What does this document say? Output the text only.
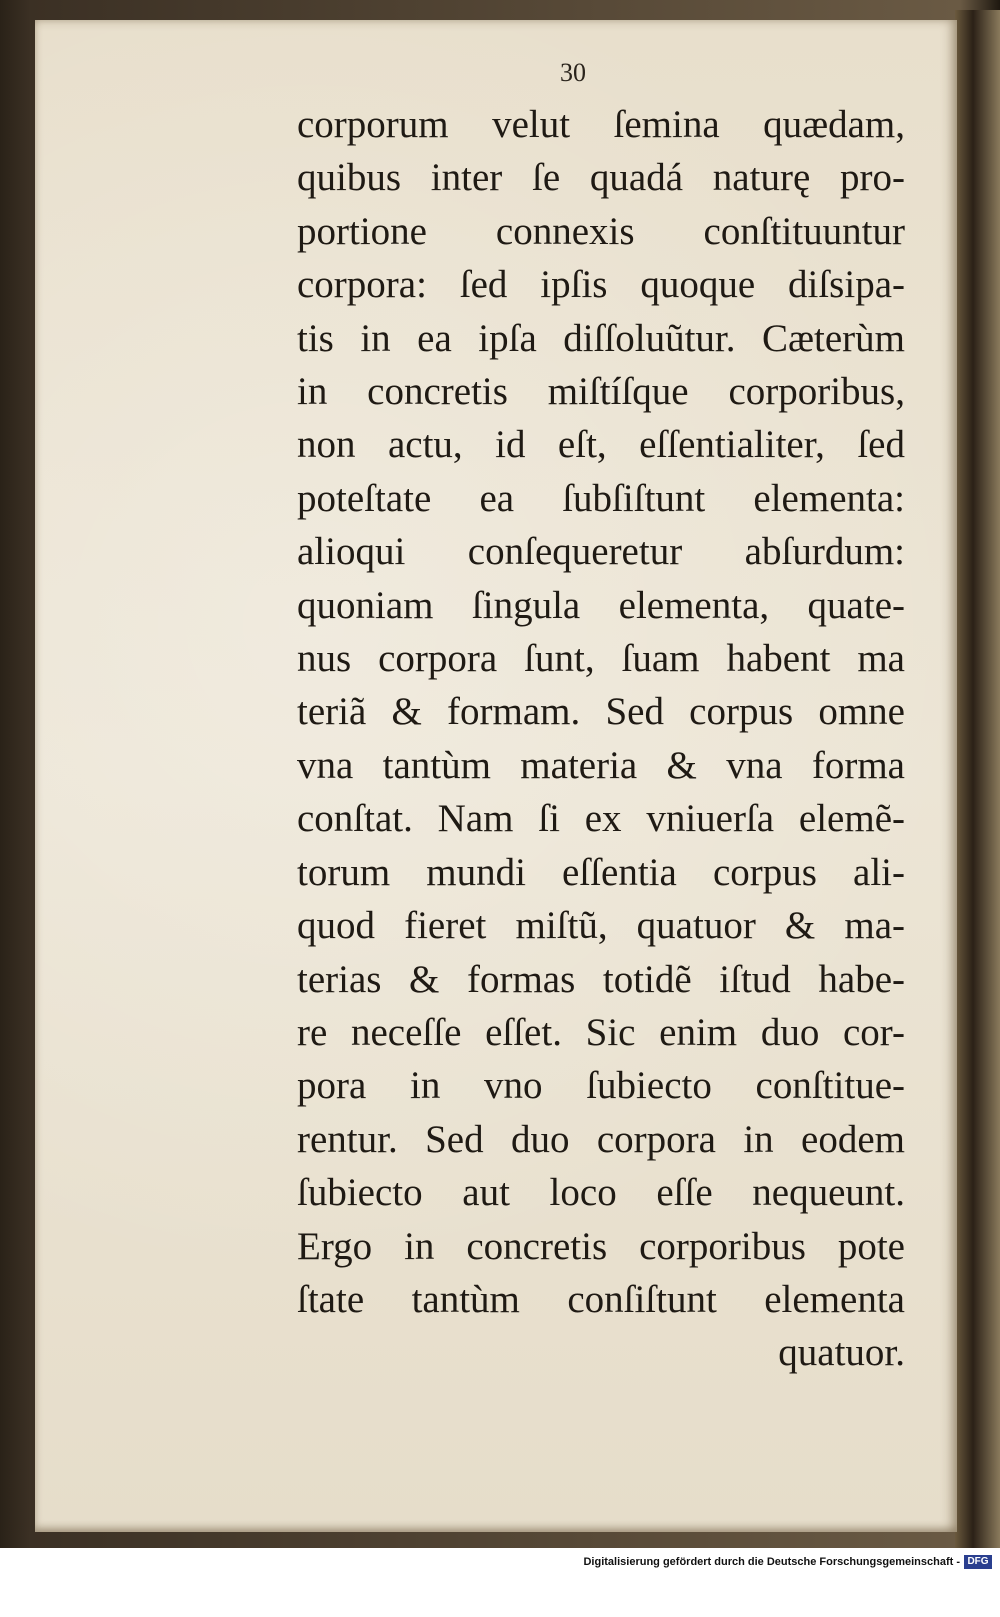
30
corporum velut ſemina quædam,
quibus inter ſe quadá naturę pro-
portione connexis conſtituuntur
corpora: ſed ipſis quoque diſsipa-
tis in ea ipſa diſſoluũtur. Cæterùm
in concretis miſtíſque corporibus,
non actu, id eſt, eſſentialiter, ſed
poteſtate ea ſubſiſtunt elementa:
alioqui conſequeretur abſurdum:
quoniam ſingula elementa, quate-
nus corpora ſunt, ſuam habent ma
teriã & formam. Sed corpus omne
vna tantùm materia & vna forma
conſtat. Nam ſi ex vniuerſa elemẽ-
torum mundi eſſentia corpus ali-
quod fieret miſtũ, quatuor & ma-
terias & formas totidẽ iſtud habe-
re neceſſe eſſet. Sic enim duo cor-
pora in vno ſubiecto conſtitue-
rentur. Sed duo corpora in eodem
ſubiecto aut loco eſſe nequeunt.
Ergo in concretis corporibus pote
ſtate tantùm conſiſtunt elementa
quatuor.
Digitalisierung gefördert durch die Deutsche Forschungsgemeinschaft - DFG
